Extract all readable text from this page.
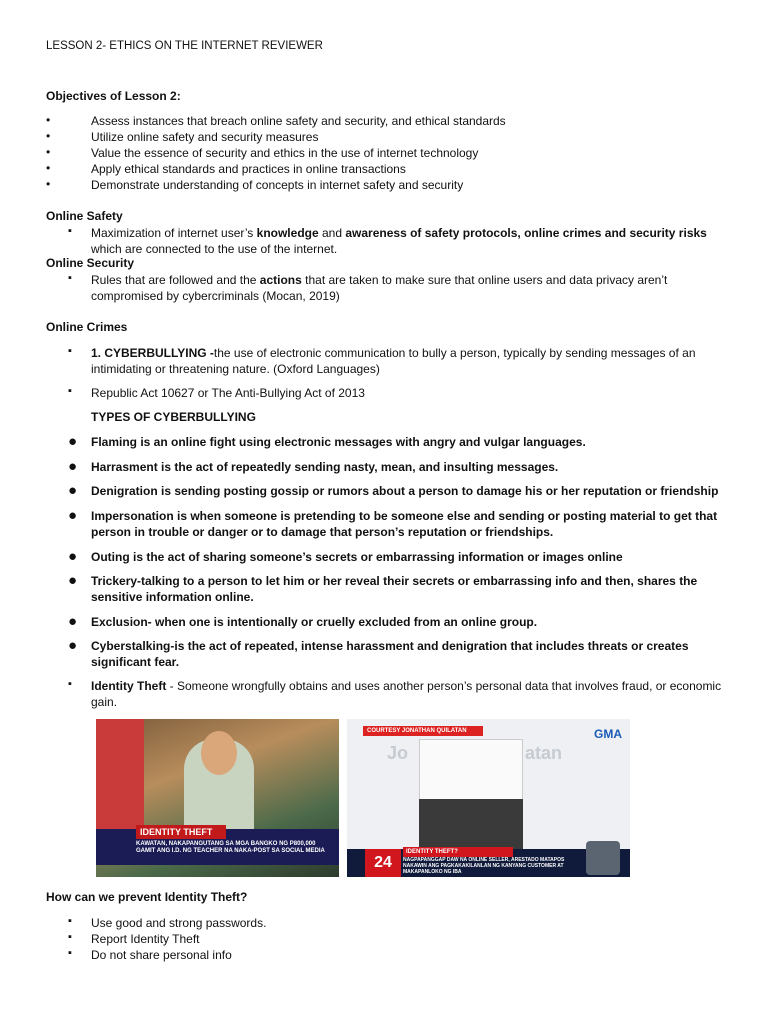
LESSON 2- ETHICS ON THE INTERNET REVIEWER
Objectives of Lesson 2:
•	Assess instances that breach online safety and security, and ethical standards
•	Utilize online safety and security measures
•	Value the essence of security and ethics in the use of internet technology
•	Apply ethical standards and practices in online transactions
•	Demonstrate understanding of concepts in internet safety and security
Online Safety
▪ Maximization of internet user’s knowledge and awareness of safety protocols, online crimes and security risks which are connected to the use of the internet.
Online Security
▪ Rules that are followed and the actions that are taken to make sure that online users and data privacy aren’t compromised by cybercriminals (Mocan, 2019)
Online Crimes
▪ 1. CYBERBULLYING -the use of electronic communication to bully a person, typically by sending messages of an intimidating or threatening nature. (Oxford Languages)
▪ Republic Act 10627 or The Anti-Bullying Act of 2013
TYPES OF CYBERBULLYING
● Flaming is an online fight using electronic messages with angry and vulgar languages.
● Harrasment is the act of repeatedly sending nasty, mean, and insulting messages.
● Denigration is sending posting gossip or rumors about a person to damage his or her reputation or friendship
● Impersonation is when someone is pretending to be someone else and sending or posting material to get that person in trouble or danger or to damage that person’s reputation or friendships.
● Outing is the act of sharing someone’s secrets or embarrassing information or images online
● Trickery-talking to a person to let him or her reveal their secrets or embarrassing info and then, shares the sensitive information online.
● Exclusion- when one is intentionally or cruelly excluded from an online group.
● Cyberstalking-is the act of repeated, intense harassment and denigration that includes threats or creates significant fear.
▪ Identity Theft - Someone wrongfully obtains and uses another person’s personal data that involves fraud, or economic gain.
IDENTITY THEFT
KAWATAN, NAKAPANGUTANG SA MGA BANGKO NG P800,000 GAMIT ANG I.D. NG TEACHER NA NAKA-POST SA SOCIAL MEDIA
Jo	atan
COURTESY JONATHAN QUILATAN	GMA
24
IDENTITY THEFT?
NAGPAPANGGAP DAW NA ONLINE SELLER, ARESTADO MATAPOS NAKAWIN ANG PAGKAKAKILANLAN NG KANYANG CUSTOMER AT MAKAPANLOKO NG IBA
How can we prevent Identity Theft?
▪ Use good and strong passwords.
▪ Report Identity Theft
▪ Do not share personal info
